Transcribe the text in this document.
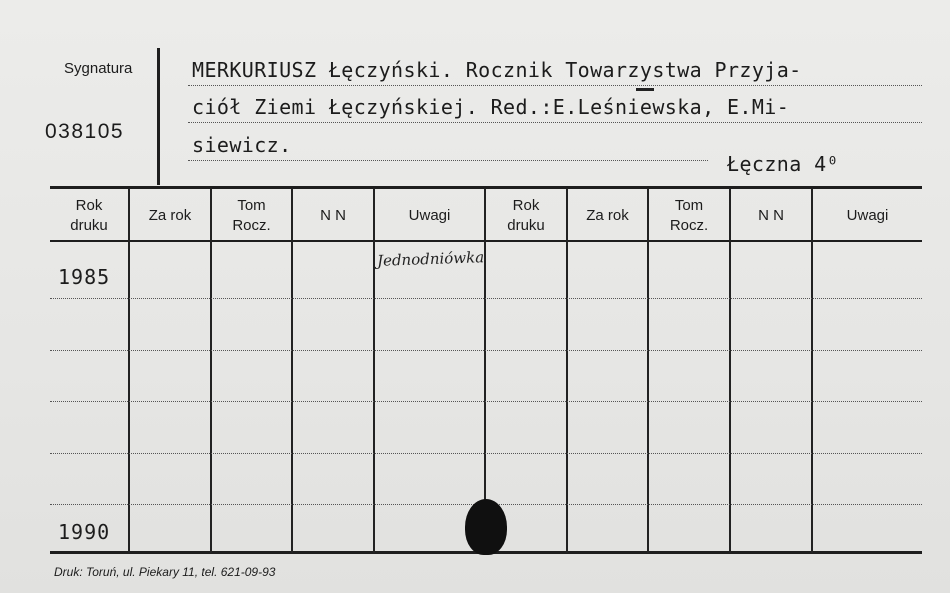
Sygnatura
038105
MERKURIUSZ Łęczyński. Rocznik Towarzystwa Przyja-
ciół Ziemi Łęczyńskiej. Red.:E.Leśniewska, E.Mi-
siewicz.
Łęczna 4⁰
Rok
druku
Za rok
Tom
Rocz.
N N	Uwagi
Rok
druku
Za rok
Tom
Rocz.
N N	Uwagi
1985
1990
Jednodniówka
Druk: Toruń, ul. Piekary 11, tel. 621-09-93
